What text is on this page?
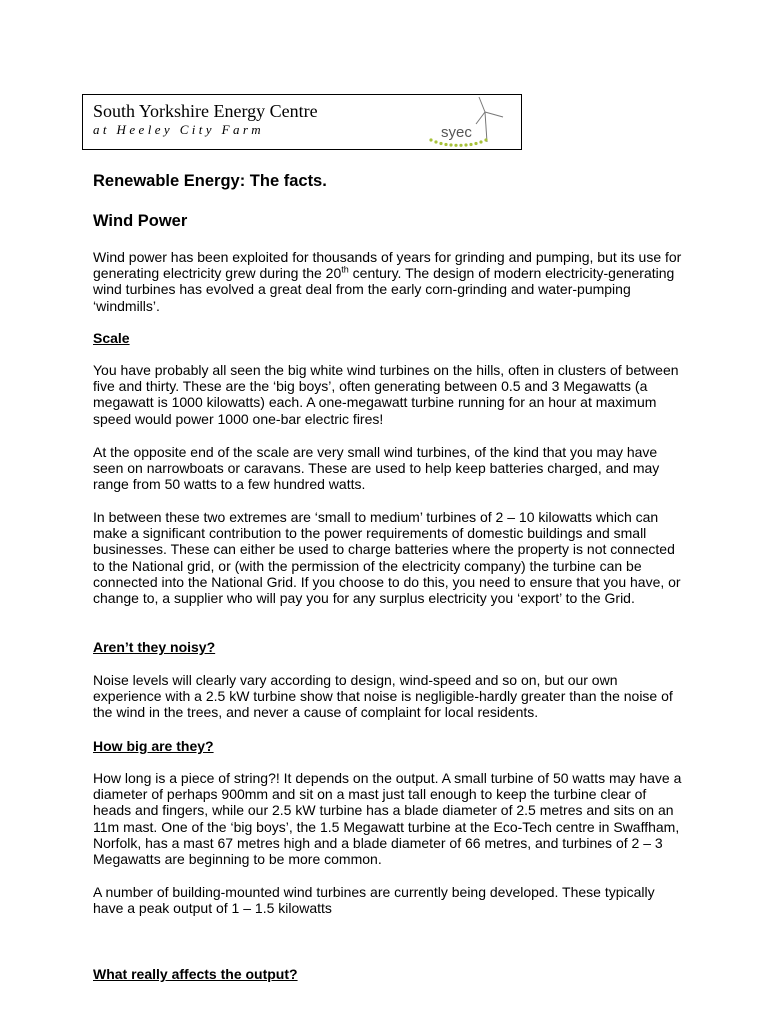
South Yorkshire Energy Centre
at Heeley City Farm	syec
Renewable Energy: The facts.
Wind Power

Wind power has been exploited for thousands of years for grinding and pumping, but its use for generating electricity grew during the 20th century. The design of modern electricity-generating wind turbines has evolved a great deal from the early corn-grinding and water-pumping ‘windmills’.

Scale

You have probably all seen the big white wind turbines on the hills, often in clusters of between five and thirty. These are the ‘big boys’, often generating between 0.5 and 3 Megawatts (a megawatt is 1000 kilowatts) each. A one-megawatt turbine running for an hour at maximum speed would power 1000 one-bar electric fires!

At the opposite end of the scale are very small wind turbines, of the kind that you may have seen on narrowboats or caravans. These are used to help keep batteries charged, and may range from 50 watts to a few hundred watts.

In between these two extremes are ‘small to medium’ turbines of 2 – 10 kilowatts which can make a significant contribution to the power requirements of domestic buildings and small businesses. These can either be used to charge batteries where the property is not connected to the National grid, or (with the permission of the electricity company) the turbine can be connected into the National Grid. If you choose to do this, you need to ensure that you have, or change to, a supplier who will pay you for any surplus electricity you ‘export’ to the Grid.

Aren’t they noisy?

Noise levels will clearly vary according to design, wind-speed and so on, but our own experience with a 2.5 kW turbine show that noise is negligible-hardly greater than the noise of the wind in the trees, and never a cause of complaint for local residents.

How big are they?

How long is a piece of string?! It depends on the output. A small turbine of 50 watts may have a diameter of perhaps 900mm and sit on a mast just tall enough to keep the turbine clear of heads and fingers, while our 2.5 kW turbine has a blade diameter of 2.5 metres and sits on an 11m mast. One of the ‘big boys’, the 1.5 Megawatt turbine at the Eco-Tech centre in Swaffham, Norfolk, has a mast 67 metres high and a blade diameter of 66 metres, and turbines of 2 – 3 Megawatts are beginning to be more common.

A number of building-mounted wind turbines are currently being developed. These typically have a peak output of 1 – 1.5 kilowatts

What really affects the output?
